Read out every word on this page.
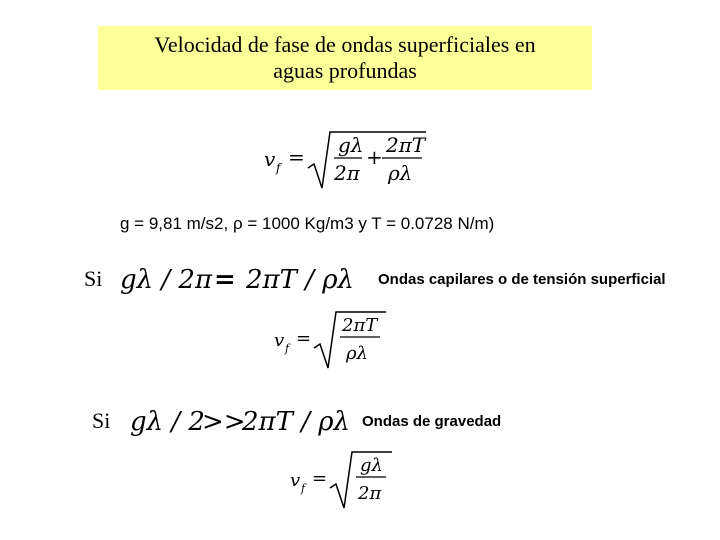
Velocidad de fase de ondas superficiales en
aguas profundas
v f = gλ
2π
+ 2πT
ρλ
g = 9,81 m/s2, ρ = 1000 Kg/m3 y T = 0.0728 N/m)
Si gλ / 2π = 2πT / ρλ Ondas capilares o de tensión superficial
v f =
2πT
ρλ
Si gλ / 2
>>
2πT / ρλ Ondas de gravedad
v f =
gλ
2π
